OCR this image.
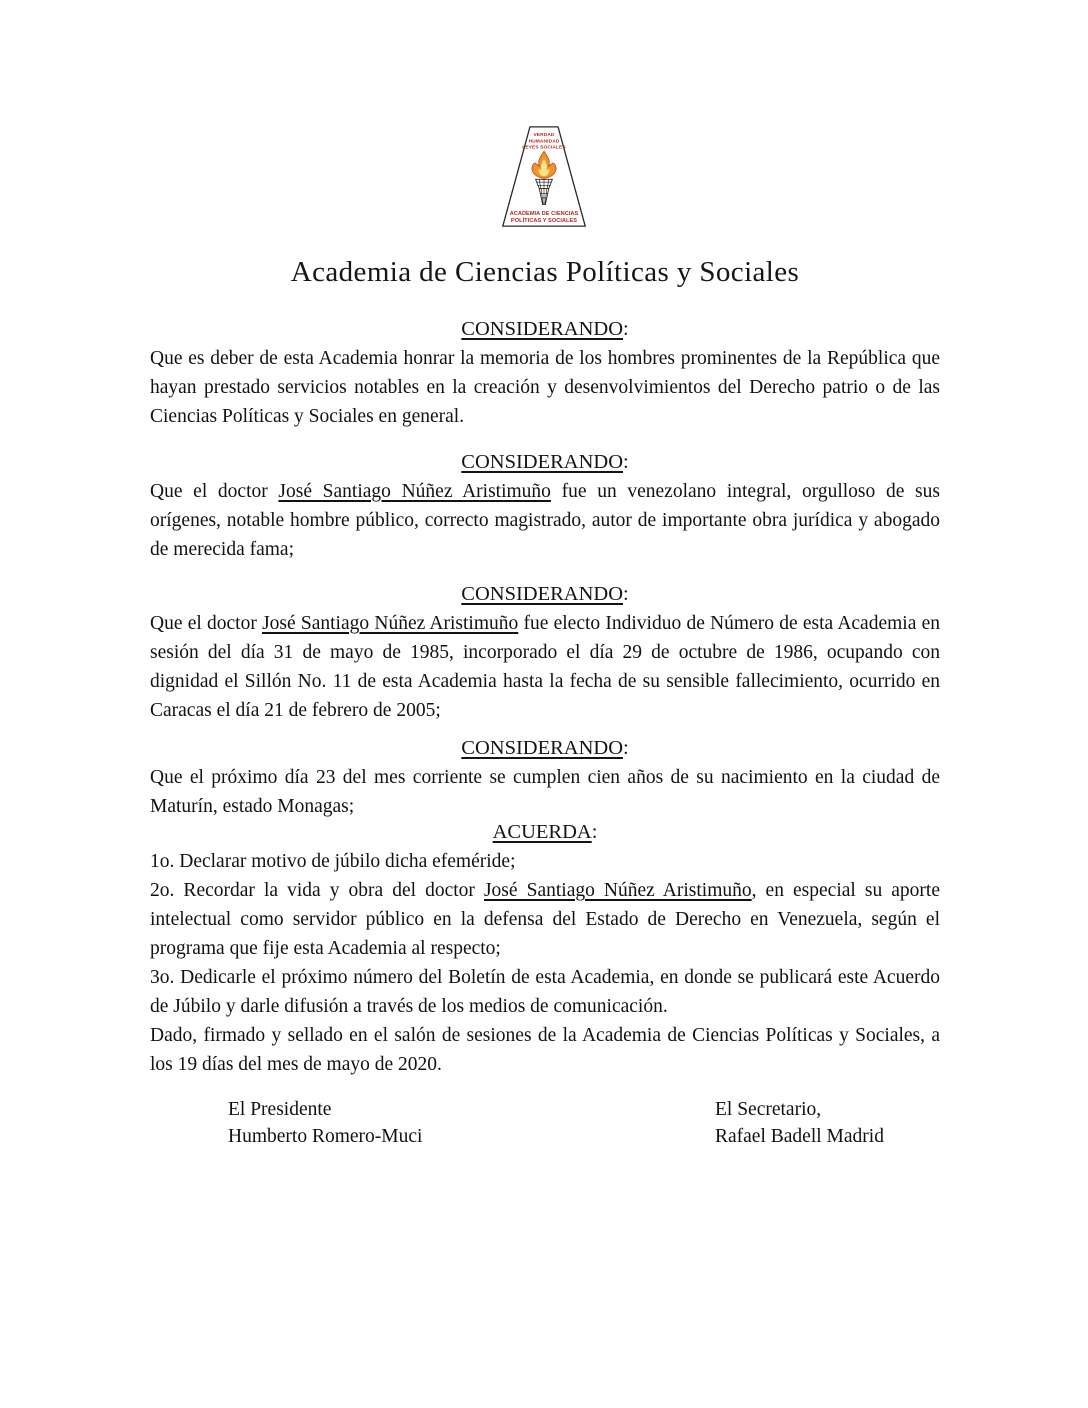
VERDAD
HUMANIDAD
LEYES SOCIALES
ACADEMIA DE CIENCIAS
POLÍTICAS Y SOCIALES
Academia de Ciencias Políticas y Sociales
CONSIDERANDO:

Que es deber de esta Academia honrar la memoria de los hombres prominentes de la República que hayan prestado servicios notables en la creación y desenvolvimientos del Derecho patrio o de las Ciencias Políticas y Sociales en general.

CONSIDERANDO:

Que el doctor José Santiago Núñez Aristimuño fue un venezolano integral, orgulloso de sus orígenes, notable hombre público, correcto magistrado, autor de importante obra jurídica y abogado de merecida fama;

CONSIDERANDO:

Que el doctor José Santiago Núñez Aristimuño fue electo Individuo de Número de esta Academia en sesión del día 31 de mayo de 1985, incorporado el día 29 de octubre de 1986, ocupando con dignidad el Sillón No. 11 de esta Academia hasta la fecha de su sensible fallecimiento, ocurrido en Caracas el día 21 de febrero de 2005;

CONSIDERANDO:

Que el próximo día 23 del mes corriente se cumplen cien años de su nacimiento en la ciudad de Maturín, estado Monagas;

ACUERDA:

1o. Declarar motivo de júbilo dicha efeméride;

2o. Recordar la vida y obra del doctor José Santiago Núñez Aristimuño, en especial su aporte intelectual como servidor público en la defensa del Estado de Derecho en Venezuela, según el programa que fije esta Academia al respecto;

3o. Dedicarle el próximo número del Boletín de esta Academia, en donde se publicará este Acuerdo de Júbilo y darle difusión a través de los medios de comunicación.

Dado, firmado y sellado en el salón de sesiones de la Academia de Ciencias Políticas y Sociales, a los 19 días del mes de mayo de 2020.

El Presidente
Humberto Romero-Muci
El Secretario,
Rafael Badell Madrid
